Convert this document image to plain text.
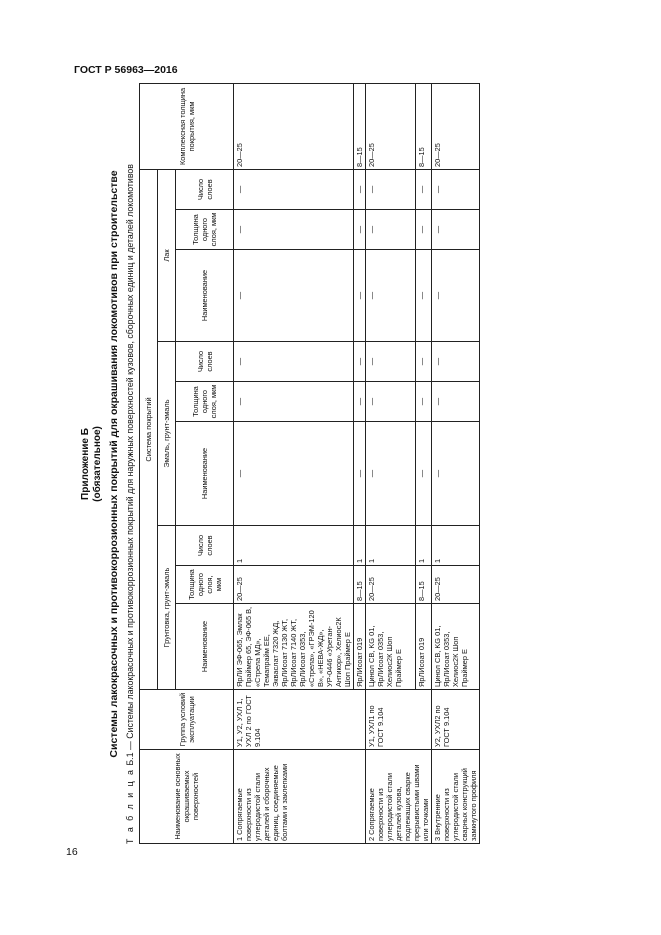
ГОСТ Р 56963—2016
16
Приложение Б (обязательное) Системы лакокрасочных и противокоррозионных покрытий для окрашивания локомотивов при строительстве
Т а б л и ц а Б.1 — Системы лакокрасочных и противокоррозионных покрытий для наружных поверхностей кузовов, сборочных единиц и деталей локомотивов
Наименование основных окрашиваемых поверхностей	Группа условий эксплуатации	Система покрытий									Комплексная толщина покрытия, мкм
		Грунтовка, грунт-эмаль			Эмаль, грунт-эмаль			Лак			
		Наименование	Толщина одного слоя, мкм	Число слоев	Наименование	Толщина одного слоя, мкм	Число слоев	Наименование	Толщина одного слоя, мкм	Число слоев	
1 Сопрягаемые поверхности из углеродистой стали деталей и сборочных единиц, соединяемые болтами и заклепками	У1, У2, УХЛ 1, УХЛ 2 по ГОСТ 9.104	ЯрЛИ ЭФ-065, Эмлак Праймер 65, ЭФ-065 В, «Стрела МД», Темапрайм ЕЕ, Экваслат 7320 ЖД, ЯрЛИсоат 7130 ЖТ, ЯрЛИсоат 7140 ЖТ, ЯрЛИсоат 0353, «Стрела», «ГРЭМ-120 В», «НЕВА-ЖД», УР-0446 «Уретан-Антикор», Хелиос2К Шоп Праймер Е	20—25	1	—	—	—	—	—	—	20—25
		ЯрЛИсоат 019	8—15	1	—	—	—	—	—	—	8—15
2 Сопрягаемые поверхности из углеродистой стали деталей кузова, подлежащих сварке прерывистыми швами или точками	У1, УХЛ1 по ГОСТ 9.104	Цинол СВ, KG 01, ЯрЛИсоат 0353, Хелиос2К Шоп Праймер Е	20—25	1	—	—	—	—	—	—	20—25
		ЯрЛИсоат 019	8—15	1	—	—	—	—	—	—	8—15
3 Внутренние поверхности из углеродистой стали сварных конструкций замкнутого профиля	У2, УХЛ2 по ГОСТ 9.104	Цинол СВ, KG 01, ЯрЛИсоат 0353, Хелиос2К Шоп Праймер Е	20—25	1	—	—	—	—	—	—	20—25
